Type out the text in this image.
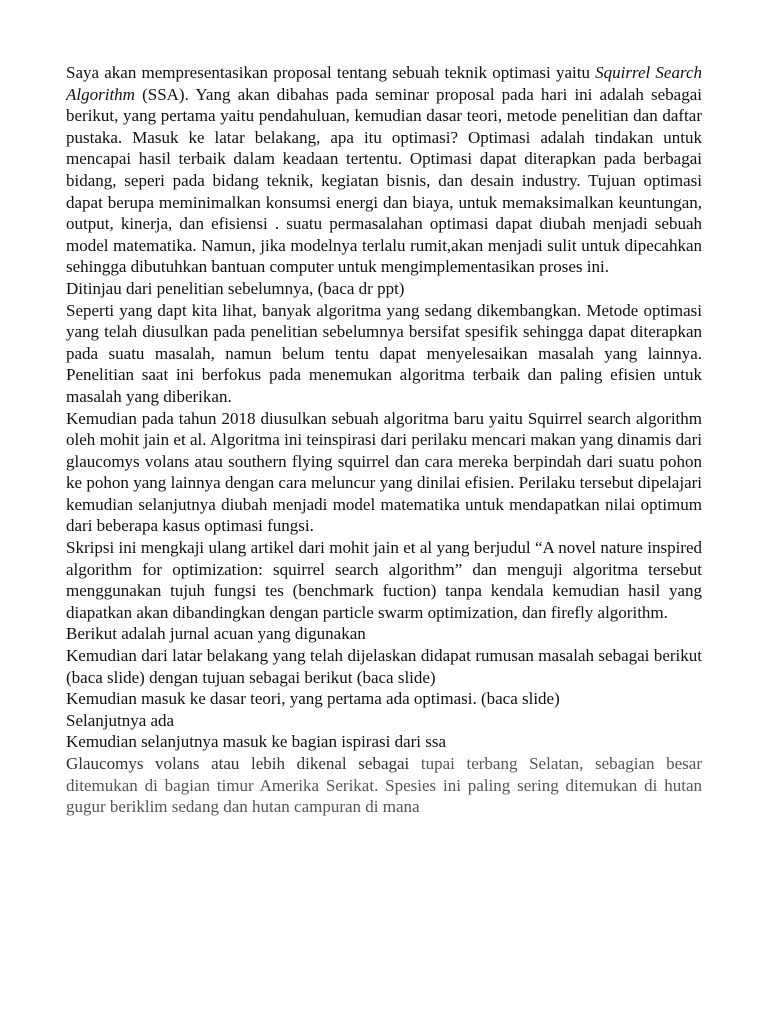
Saya akan mempresentasikan proposal tentang sebuah teknik optimasi yaitu Squirrel Search Algorithm (SSA). Yang akan dibahas pada seminar proposal pada hari ini adalah sebagai berikut, yang pertama yaitu pendahuluan, kemudian dasar teori, metode penelitian dan daftar pustaka. Masuk ke latar belakang, apa itu optimasi? Optimasi adalah tindakan untuk mencapai hasil terbaik dalam keadaan tertentu. Optimasi dapat diterapkan pada berbagai bidang, seperi pada bidang teknik, kegiatan bisnis, dan desain industry. Tujuan optimasi dapat berupa meminimalkan konsumsi energi dan biaya, untuk memaksimalkan keuntungan, output, kinerja, dan efisiensi . suatu permasalahan optimasi dapat diubah menjadi sebuah model matematika. Namun, jika modelnya terlalu rumit,akan menjadi sulit untuk dipecahkan sehingga dibutuhkan bantuan computer untuk mengimplementasikan proses ini.

Ditinjau dari penelitian sebelumnya, (baca dr ppt)

Seperti yang dapt kita lihat, banyak algoritma yang sedang dikembangkan. Metode optimasi yang telah diusulkan pada penelitian sebelumnya bersifat spesifik sehingga dapat diterapkan pada suatu masalah, namun belum tentu dapat menyelesaikan masalah yang lainnya. Penelitian saat ini berfokus pada menemukan algoritma terbaik dan paling efisien untuk masalah yang diberikan.

Kemudian pada tahun 2018 diusulkan sebuah algoritma baru yaitu Squirrel search algorithm oleh mohit jain et al. Algoritma ini teinspirasi dari perilaku mencari makan yang dinamis dari glaucomys volans atau southern flying squirrel dan cara mereka berpindah dari suatu pohon ke pohon yang lainnya dengan cara meluncur yang dinilai efisien. Perilaku tersebut dipelajari kemudian selanjutnya diubah menjadi model matematika untuk mendapatkan nilai optimum dari beberapa kasus optimasi fungsi.

Skripsi ini mengkaji ulang artikel dari mohit jain et al yang berjudul “A novel nature inspired algorithm for optimization: squirrel search algorithm” dan menguji algoritma tersebut menggunakan tujuh fungsi tes (benchmark fuction) tanpa kendala kemudian hasil yang diapatkan akan dibandingkan dengan particle swarm optimization, dan firefly algorithm.

Berikut adalah jurnal acuan yang digunakan

Kemudian dari latar belakang yang telah dijelaskan didapat rumusan masalah sebagai berikut (baca slide) dengan tujuan sebagai berikut (baca slide)

Kemudian masuk ke dasar teori, yang pertama ada optimasi. (baca slide)

Selanjutnya ada

Kemudian selanjutnya masuk ke bagian ispirasi dari ssa

Glaucomys volans atau lebih dikenal sebagai tupai terbang Selatan, sebagian besar ditemukan di bagian timur Amerika Serikat. Spesies ini paling sering ditemukan di hutan gugur beriklim sedang dan hutan campuran di mana
